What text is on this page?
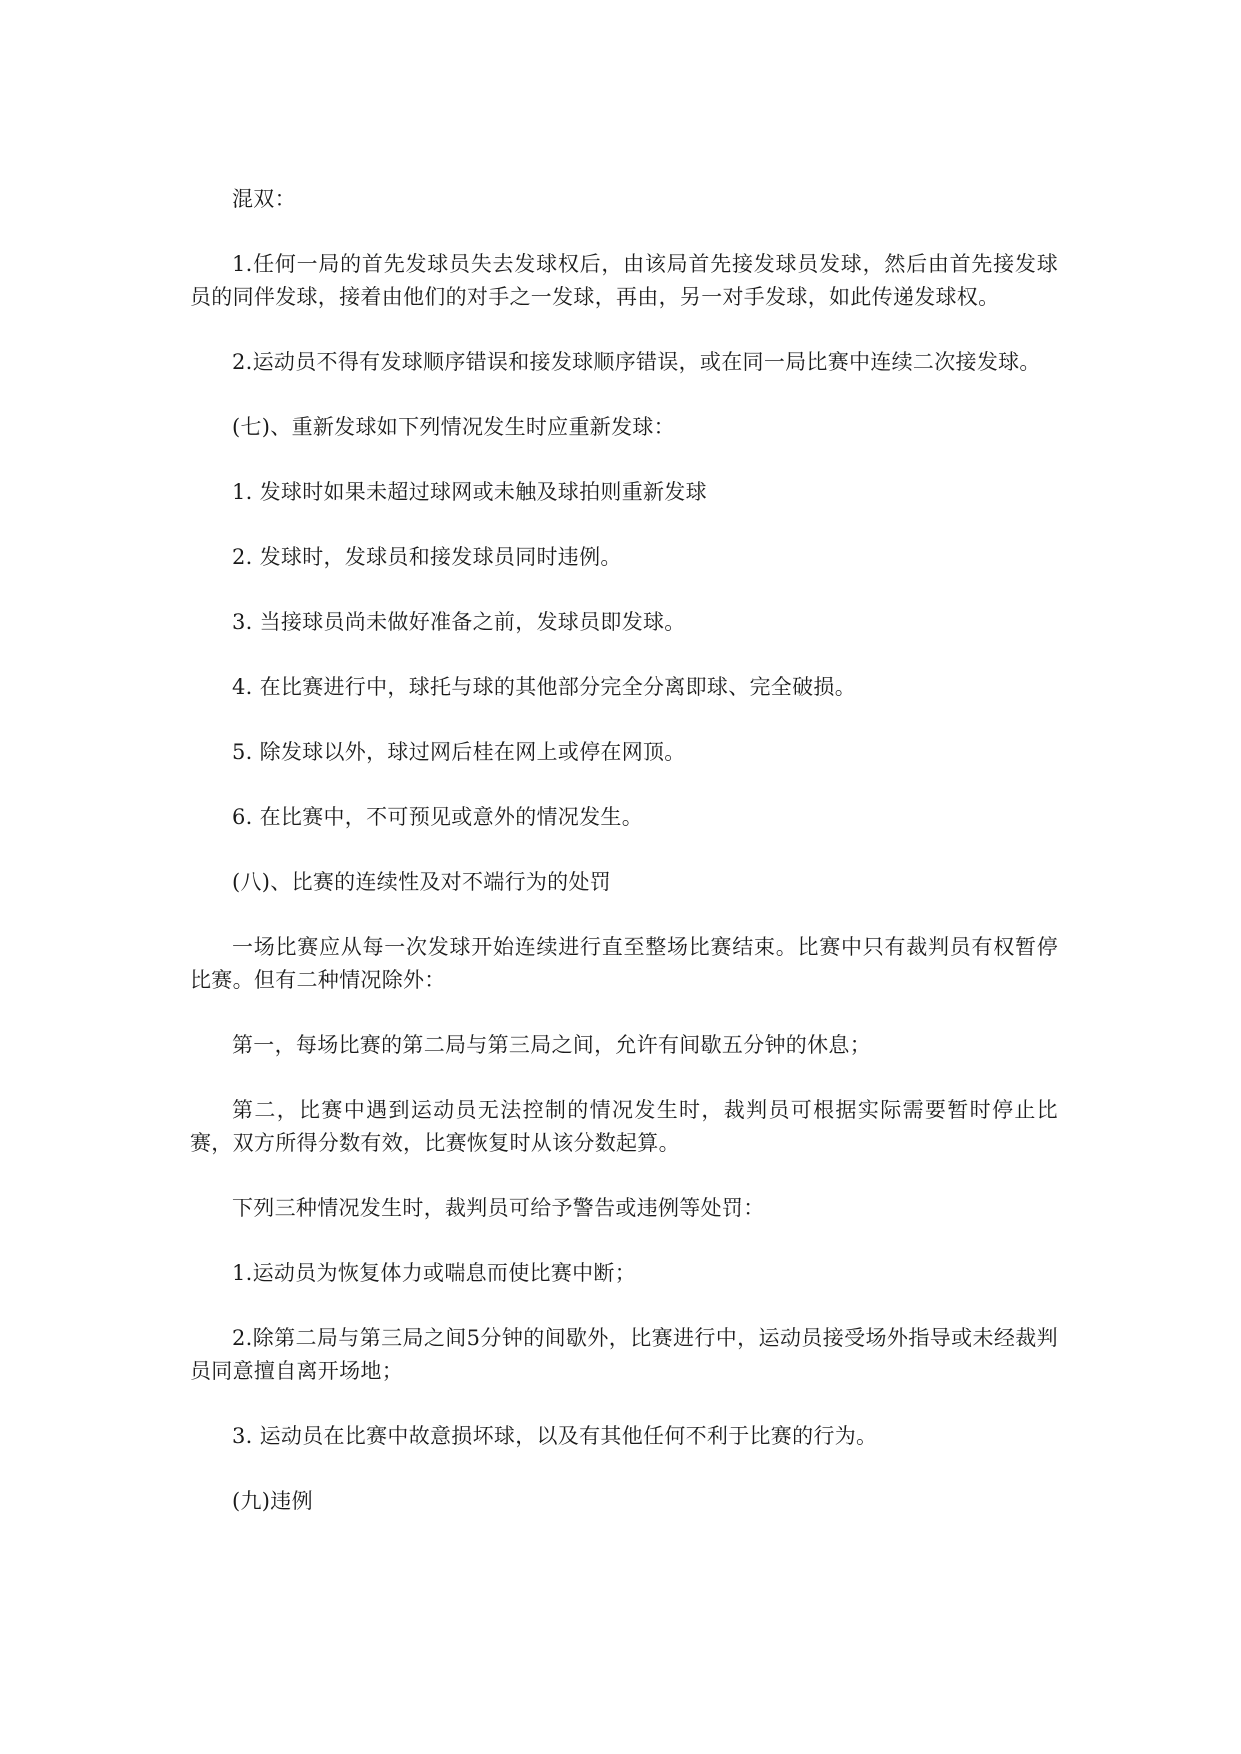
混双：

1.任何一局的首先发球员失去发球权后，由该局首先接发球员发球，然后由首先接发球员的同伴发球，接着由他们的对手之一发球，再由，另一对手发球，如此传递发球权。

2.运动员不得有发球顺序错误和接发球顺序错误，或在同一局比赛中连续二次接发球。

(七)、重新发球如下列情况发生时应重新发球：

1. 发球时如果未超过球网或未触及球拍则重新发球

2. 发球时，发球员和接发球员同时违例。

3. 当接球员尚未做好准备之前，发球员即发球。

4. 在比赛进行中，球托与球的其他部分完全分离即球、完全破损。

5. 除发球以外，球过网后桂在网上或停在网顶。

6. 在比赛中，不可预见或意外的情况发生。

(八)、比赛的连续性及对不端行为的处罚

一场比赛应从每一次发球开始连续进行直至整场比赛结束。比赛中只有裁判员有权暂停比赛。但有二种情况除外：

第一，每场比赛的第二局与第三局之间，允许有间歇五分钟的休息；

第二，比赛中遇到运动员无法控制的情况发生时，裁判员可根据实际需要暂时停止比赛，双方所得分数有效，比赛恢复时从该分数起算。

下列三种情况发生时，裁判员可给予警告或违例等处罚：

1.运动员为恢复体力或喘息而使比赛中断；

2.除第二局与第三局之间5分钟的间歇外，比赛进行中，运动员接受场外指导或未经裁判员同意擅自离开场地；

3. 运动员在比赛中故意损坏球，以及有其他任何不利于比赛的行为。

(九)违例
